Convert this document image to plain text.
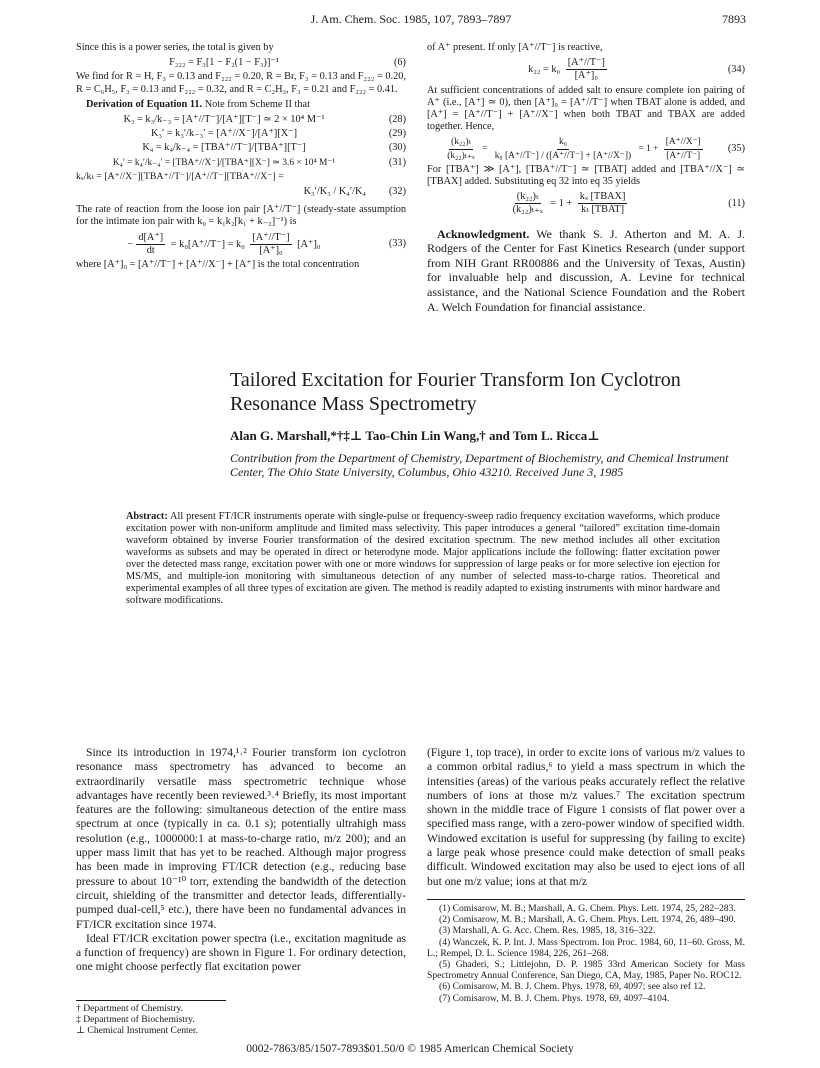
J. Am. Chem. Soc. 1985, 107, 7893–7897	7893
Since this is a power series, the total is given by
F₂₂₂ = F₃[1 − F₂(1 − F₃)]⁻¹	(6)
We find for R = H, F₃ = 0.13 and F₂₂₂ = 0.20, R = Br, F₃ = 0.13 and F₂₂₂ = 0.20, R = C₆H₅, F₃ = 0.13 and F₂₂₂ = 0.32, and R = C₂H₃, F₃ = 0.21 and F₂₂₂ = 0.41.
Derivation of Equation 11. Note from Scheme II that
K₃ = k₃/k₋₃ = [A⁺//T⁻]/[A⁺][T⁻] ≃ 2 × 10⁴ M⁻¹	(28)
K₃′ = k₃′/k₋₃′ = [A⁺//X⁻]/[A⁺][X⁻]	(29)
K₄ = k₄/k₋₄ = [TBA⁺//T⁻]/[TBA⁺][T⁻]	(30)
K₄′ = k₄′/k₋₄′ = [TBA⁺//X⁻]/[TBA⁺][X⁻] ≃ 3.6 × 10⁴ M⁻¹	(31)
kₓ/kₜ = [A⁺//X⁻][TBA⁺//T⁻]/[A⁺//T⁻][TBA⁺//X⁻] =
K₃′/K₃ / K₄′/K₄	(32)
The rate of reaction from the loose ion pair [A⁺//T⁻] (steady-state assumption for the intimate ion pair with k₀ = k₁k₂[k₁ + k₋₂]⁻¹) is
− $\frac{d[A^+]}{dt} = k_0[A^+//T^-] = k_0 \frac{[A^+//T^-]}{\text{[A⁺]₀}} [A^+]_0$	(33)
where [A⁺]₀ = [A⁺//T⁻] + [A⁺//X⁻] + [A⁺] is the total concentration
of A⁺ present. If only [A⁺//T⁻] is reactive,
$k_{22} = k_0 \frac{[A^+//T^-]}{\text{[A⁺]₀}}$	(34)
At sufficient concentrations of added salt to ensure complete ion pairing of A⁺ (i.e., [A⁺] ≃ 0), then [A⁺]₀ = [A⁺//T⁻] when TBAT alone is added, and [A⁺] = [A⁺//T⁻] + [A⁺//X⁻] when both TBAT and TBAX are added together. Hence,
$\frac{\text{(k₂₂)ₜ}}{\text{(k₂₂)ₜ₊ₓ}} = \frac{\text{k₀}}{\text{k₀ [A⁺//T⁻] / ([A⁺//T⁻] + [A⁺//X⁻])}} = 1 + \frac{[A^+//X^-]}{[A^+//T^-]}$	(35)
For [TBA⁺] ≫ [A⁺], [TBA⁺//T⁻] ≃ [TBAT] added and [TBA⁺//X⁻] ≃ [TBAX] added. Substituting eq 32 into eq 35 yields
$\frac{\text{(k₂₂)ₜ}}{\text{(k₂₂)ₜ₊ₓ}} = 1 + \frac{\text{kₓ [TBAX]}}{\text{kₜ [TBAT]}}$	(11)
Acknowledgment. We thank S. J. Atherton and M. A. J. Rodgers of the Center for Fast Kinetics Research (under support from NIH Grant RR00886 and the University of Texas, Austin) for invaluable help and discussion, A. Levine for technical assistance, and the National Science Foundation and the Robert A. Welch Foundation for financial assistance.
Tailored Excitation for Fourier Transform Ion Cyclotron Resonance Mass Spectrometry
Alan G. Marshall,*†‡⊥ Tao-Chin Lin Wang,† and Tom L. Ricca⊥
Contribution from the Department of Chemistry, Department of Biochemistry, and Chemical Instrument Center, The Ohio State University, Columbus, Ohio 43210. Received June 3, 1985
Abstract: All present FT/ICR instruments operate with single-pulse or frequency-sweep radio frequency excitation waveforms, which produce excitation power with non-uniform amplitude and limited mass selectivity. This paper introduces a general “tailored” excitation time-domain waveform obtained by inverse Fourier transformation of the desired excitation spectrum. The new method includes all other excitation waveforms as subsets and may be operated in direct or heterodyne mode. Major applications include the following: flatter excitation power over the detected mass range, excitation power with one or more windows for suppression of large peaks or for more selective ion ejection for MS/MS, and multiple-ion monitoring with simultaneous detection of any number of selected mass-to-charge ratios. Theoretical and experimental examples of all three types of excitation are given. The method is readily adapted to existing instruments with minor hardware and software modifications.
Since its introduction in 1974,¹˒² Fourier transform ion cyclotron resonance mass spectrometry has advanced to become an extraordinarily versatile mass spectrometric technique whose advantages have recently been reviewed.³˒⁴ Briefly, its most important features are the following: simultaneous detection of the entire mass spectrum at once (typically in ca. 0.1 s); potentially ultrahigh mass resolution (e.g., 1000000:1 at mass-to-charge ratio, m/z 200); and an upper mass limit that has yet to be reached. Although major progress has been made in improving FT/ICR detection (e.g., reducing base pressure to about 10⁻¹⁰ torr, extending the bandwidth of the detection circuit, shielding of the transmitter and detector leads, differentially-pumped dual-cell,⁵ etc.), there have been no fundamental advances in FT/ICR excitation since 1974.
Ideal FT/ICR excitation power spectra (i.e., excitation magnitude as a function of frequency) are shown in Figure 1. For ordinary detection, one might choose perfectly flat excitation power
(Figure 1, top trace), in order to excite ions of various m/z values to a common orbital radius,⁶ to yield a mass spectrum in which the intensities (areas) of the various peaks accurately reflect the relative numbers of ions at those m/z values.⁷ The excitation spectrum shown in the middle trace of Figure 1 consists of flat power over a specified mass range, with a zero-power window of specified width. Windowed excitation is useful for suppressing (by failing to excite) a large peak whose presence could make detection of small peaks difficult. Windowed excitation may also be used to eject ions of all but one m/z value; ions at that m/z
(1) Comisarow, M. B.; Marshall, A. G. Chem. Phys. Lett. 1974, 25, 282–283.
(2) Comisarow, M. B.; Marshall, A. G. Chem. Phys. Lett. 1974, 26, 489–490.
(3) Marshall, A. G. Acc. Chem. Res. 1985, 18, 316–322.
(4) Wanczek, K. P. Int. J. Mass Spectrom. Ion Proc. 1984, 60, 11–60. Gross, M. L.; Rempel, D. L. Science 1984, 226, 261–268.
(5) Ghaderi, S.; Littlejohn, D. P. 1985 33rd American Society for Mass Spectrometry Annual Conference, San Diego, CA, May, 1985, Paper No. ROC12.
(6) Comisarow, M. B. J. Chem. Phys. 1978, 69, 4097; see also ref 12.
(7) Comisarow, M. B. J. Chem. Phys. 1978, 69, 4097–4104.
† Department of Chemistry.
‡ Department of Biochemistry.
⊥ Chemical Instrument Center.
0002-7863/85/1507-7893$01.50/0 © 1985 American Chemical Society
